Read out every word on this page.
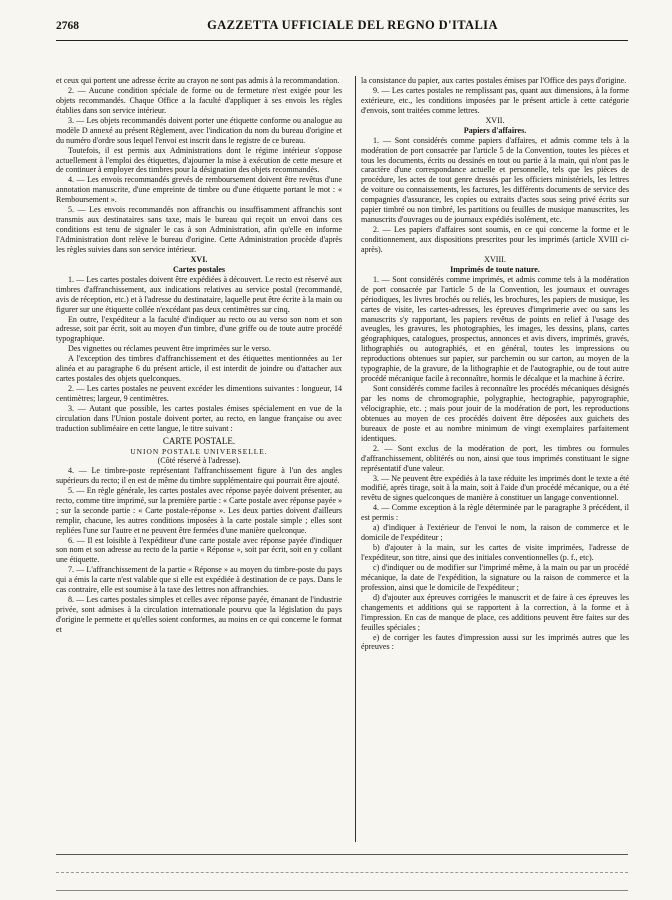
2768	GAZZETTA UFFICIALE DEL REGNO D'ITALIA

et ceux qui portent une adresse écrite au crayon ne sont pas admis à la recommandation.

2. — Aucune condition spéciale de forme ou de fermeture n'est exigée pour les objets recommandés. Chaque Office a la faculté d'appliquer à ses envois les règles établies dans son service intérieur.

3. — Les objets recommandés doivent porter une étiquette conforme ou analogue au modèle D annexé au présent Règlement, avec l'indication du nom du bureau d'origine et du numéro d'ordre sous lequel l'envoi est inscrit dans le registre de ce bureau.

Toutefois, il est permis aux Administrations dont le régime intérieur s'oppose actuellement à l'emploi des étiquettes, d'ajourner la mise à exécution de cette mesure et de continuer à employer des timbres pour la désignation des objets recommandés.

4. — Les envois recommandés grevés de remboursement doivent être revêtus d'une annotation manuscrite, d'une empreinte de timbre ou d'une étiquette portant le mot : « Remboursement ».

5. — Les envois recommandés non affranchis ou insuffisamment affranchis sont transmis aux destinataires sans taxe, mais le bureau qui reçoit un envoi dans ces conditions est tenu de signaler le cas à son Administration, afin qu'elle en informe l'Administration dont relève le bureau d'origine. Cette Administration procède d'après les règles suivies dans son service intérieur.

XVI.

Cartes postales

1. — Les cartes postales doivent être expédiées à découvert. Le recto est réservé aux timbres d'affranchissement, aux indications relatives au service postal (recommandé, avis de réception, etc.) et à l'adresse du destinataire, laquelle peut être écrite à la main ou figurer sur une étiquette collée n'excédant pas deux centimètres sur cinq.

En outre, l'expéditeur a la faculté d'indiquer au recto ou au verso son nom et son adresse, soit par écrit, soit au moyen d'un timbre, d'une griffe ou de toute autre procédé typographique.

Des vignettes ou réclames peuvent être imprimées sur le verso.

A l'exception des timbres d'affranchissement et des étiquettes mentionnées au 1er alinéa et au paragraphe 6 du présent article, il est interdit de joindre ou d'attacher aux cartes postales des objets quelconques.

2. — Les cartes postales ne peuvent excéder les dimentions suivantes : longueur, 14 centimètres; largeur, 9 centimètres.

3. — Autant que possible, les cartes postales émises spécialement en vue de la circulation dans l'Union postale doivent porter, au recto, en langue française ou avec traduction subliméaire en cette langue, le titre suivant :

CARTE POSTALE.

UNION POSTALE UNIVERSELLE.

(Côté réservé à l'adresse).

4. — Le timbre-poste représentant l'affranchissement figure à l'un des angles supérieurs du recto; il en est de même du timbre supplémentaire qui pourrait être ajouté.

5. — En règle générale, les cartes postales avec réponse payée doivent présenter, au recto, comme titre imprimé, sur la première partie : « Carte postale avec réponse payée » ; sur la seconde partie : « Carte postale-réponse ». Les deux parties doivent d'ailleurs remplir, chacune, les autres conditions imposées à la carte postale simple ; elles sont repliées l'une sur l'autre et ne peuvent être fermées d'une manière quelconque.

6. — Il est loisible à l'expéditeur d'une carte postale avec réponse payée d'indiquer son nom et son adresse au recto de la partie « Réponse », soit par écrit, soit en y collant une étiquette.

7. — L'affranchissement de la partie « Réponse » au moyen du timbre-poste du pays qui a émis la carte n'est valable que si elle est expédiée à destination de ce pays. Dans le cas contraire, elle est soumise à la taxe des lettres non affranchies.

8. — Les cartes postales simples et celles avec réponse payée, émanant de l'industrie privée, sont admises à la circulation internationale pourvu que la législation du pays d'origine le permette et qu'elles soient conformes, au moins en ce qui concerne le format et

la consistance du papier, aux cartes postales émises par l'Office des pays d'origine.

9. — Les cartes postales ne remplissant pas, quant aux dimensions, à la forme extérieure, etc., les conditions imposées par le présent article à cette catégorie d'envois, sont traitées comme lettres.

XVII.

Papiers d'affaires.

1. — Sont considérés comme papiers d'affaires, et admis comme tels à la modération de port consacrée par l'article 5 de la Convention, toutes les pièces et tous les documents, écrits ou dessinés en tout ou partie à la main, qui n'ont pas le caractère d'une correspondance actuelle et personnelle, tels que les pièces de procédure, les actes de tout genre dressés par les officiers ministériels, les lettres de voiture ou connaissements, les factures, les différents documents de service des compagnies d'assurance, les copies ou extraits d'actes sous seing privé écrits sur papier timbré ou non timbré, les partitions ou feuilles de musique manuscrites, les manuscrits d'ouvrages ou de journaux expédiés isolément, etc.

2. — Les papiers d'affaires sont soumis, en ce qui concerne la forme et le conditionnement, aux dispositions prescrites pour les imprimés (article XVIII ci-après).

XVIII.

Imprimés de toute nature.

1. — Sont considérés comme imprimés, et admis comme tels à la modération de port consacrée par l'article 5 de la Convention, les journaux et ouvrages périodiques, les livres brochés ou reliés, les brochures, les papiers de musique, les cartes de visite, les cartes-adresses, les épreuves d'imprimerie avec ou sans les manuscrits s'y rapportant, les papiers revêtus de points en relief à l'usage des aveugles, les gravures, les photographies, les images, les dessins, plans, cartes géographiques, catalogues, prospectus, annonces et avis divers, imprimés, gravés, lithographiés ou autographiés, et en général, toutes les impressions ou reproductions obtenues sur papier, sur parchemin ou sur carton, au moyen de la typographie, de la gravure, de la lithographie et de l'autographie, ou de tout autre procédé mécanique facile à reconnaître, hormis le décalque et la machine à écrire.

Sont considérés comme faciles à reconnaître les procédés mécaniques désignés par les noms de chromographie, polygraphie, hectographie, papyrographie, vélocigraphie, etc. ; mais pour jouir de la modération de port, les reproductions obtenues au moyen de ces procédés doivent être déposées aux guichets des bureaux de poste et au nombre minimum de vingt exemplaires parfaitement identiques.

2. — Sont exclus de la modération de port, les timbres ou formules d'affranchissement, oblitérés ou non, ainsi que tous imprimés constituant le signe représentatif d'une valeur.

3. — Ne peuvent être expédiés à la taxe réduite les imprimés dont le texte a été modifié, après tirage, soit à la main, soit à l'aide d'un procédé mécanique, ou a été revêtu de signes quelconques de manière à constituer un langage conventionnel.

4. — Comme exception à la règle déterminée par le paragraphe 3 précédent, il est permis :

a) d'indiquer à l'extérieur de l'envoi le nom, la raison de commerce et le domicile de l'expéditeur ;

b) d'ajouter à la main, sur les cartes de visite imprimées, l'adresse de l'expéditeur, son titre, ainsi que des initiales conventionnelles (p. f., etc).

c) d'indiquer ou de modifier sur l'imprimé même, à la main ou par un procédé mécanique, la date de l'expédition, la signature ou la raison de commerce et la profession, ainsi que le domicile de l'expéditeur ;

d) d'ajouter aux épreuves corrigées le manuscrit et de faire à ces épreuves les changements et additions qui se rapportent à la correction, à la forme et à l'impression. En cas de manque de place, ces additions peuvent être faites sur des feuilles spéciales ;

e) de corriger les fautes d'impression aussi sur les imprimés autres que les épreuves :
